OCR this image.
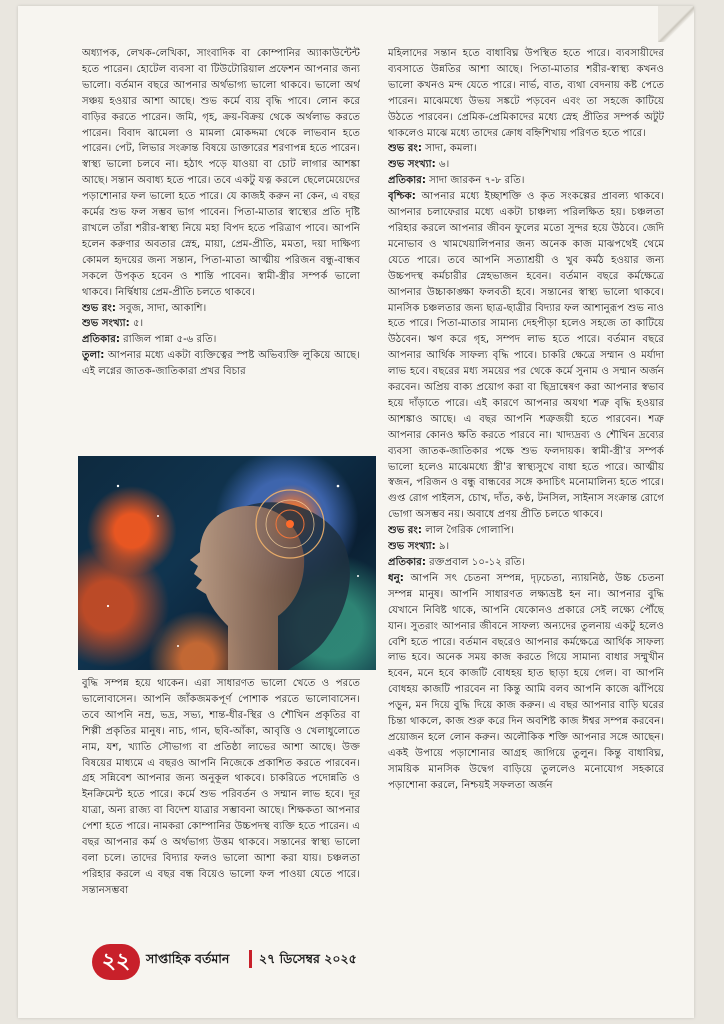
অধ্যাপক, লেখক-লেখিকা, সাংবাদিক বা কোম্পানির অ্যাকাউন্টেন্ট হতে পারেন। হোটেল ব্যবসা বা টিউটোরিয়াল প্রফেশন আপনার জন্য ভালো। বর্তমান বছরে আপনার অর্থভাগ্য ভালো থাকবে। ভালো অর্থ সঞ্চয় হওয়ার আশা আছে। শুভ কর্মে ব্যয় বৃদ্ধি পাবে। লোন করে বাড়ির করতে পারেন। জমি, গৃহ, ক্রয়-বিক্রয় থেকে অর্থলাভ করতে পারেন। বিবাদ ঝামেলা ও মামলা মোকদ্দমা থেকে লাভবান হতে পারেন। পেট, লিভার সংক্রান্ত বিষয়ে ডাক্তারের শরণাপন্ন হতে পারেন। স্বাস্থ্য ভালো চলবে না। হঠাৎ পড়ে যাওয়া বা চোট লাগার আশঙ্কা আছে। সন্তান অবাধ্য হতে পারে। তবে একটু যত্ন করলে ছেলেমেয়েদের পড়াশোনার ফল ভালো হতে পারে। যে কাজই করুন না কেন, এ বছর কর্মের শুভ ফল সম্ভব ভাগ পাবেন। পিতা-মাতার স্বাস্থ্যের প্রতি দৃষ্টি রাখলে তাঁরা শরীর-স্বাস্থ্য নিয়ে মহা বিপদ হতে পরিত্রাণ পাবে। আপনি হলেন করুণার অবতার স্নেহ, মায়া, প্রেম-প্রীতি, মমতা, দয়া দাক্ষিণ্য কোমল হৃদয়ের জন্য সন্তান, পিতা-মাতা আত্মীয় পরিজন বন্ধু-বান্ধব সকলে উপকৃত হবেন ও শান্তি পাবেন। স্বামী-স্ত্রীর সম্পর্ক ভালো থাকবে। নির্দ্বিধায় প্রেম-প্রীতি চলতে থাকবে।

শুভ রং: সবুজ, সাদা, আকাশি।

শুভ সংখ্যা: ৫।

প্রতিকার: রাজিল পান্না ৫-৬ রতি।

তুলা: আপনার মধ্যে একটা ব্যক্তিত্বের স্পষ্ট অভিব্যক্তি লুকিয়ে আছে। এই লগ্নের জাতক-জাতিকারা প্রখর বিচার

বুদ্ধি সম্পন্ন হয়ে থাকেন। এরা সাধারণত ভালো খেতে ও পরতে ভালোবাসেন। আপনি জাঁকজমকপূর্ণ পোশাক পরতে ভালোবাসেন। তবে আপনি নম্র, ভদ্র, সভ্য, শান্ত-ধীর-স্থির ও শৌখিন প্রকৃতির বা শিল্পী প্রকৃতির মানুষ। নাচ, গান, ছবি-আঁকা, আবৃত্তি ও খেলাধুলোতে নাম, যশ, খ্যাতি সৌভাগ্য বা প্রতিষ্ঠা লাভের আশা আছে। উক্ত বিষয়ের মাধ্যমে এ বছরও আপনি নিজেকে প্রকাশিত করতে পারবেন। গ্রহ সন্নিবেশ আপনার জন্য অনুকূল থাকবে। চাকরিতে পদোন্নতি ও ইনক্রিমেন্ট হতে পারে। কর্মে শুভ পরিবর্তন ও সম্মান লাভ হবে। দূর যাত্রা, অন্য রাজ্য বা বিদেশ যাত্রার সম্ভাবনা আছে। শিক্ষকতা আপনার পেশা হতে পারে। নামকরা কোম্পানির উচ্চপদস্থ ব্যক্তি হতে পারেন। এ বছর আপনার কর্ম ও অর্থভাগ্য উত্তম থাকবে। সন্তানের স্বাস্থ্য ভালো বলা চলে। তাদের বিদ্যার ফলও ভালো আশা করা যায়। চঞ্চলতা পরিহার করলে এ বছর বন্ধ বিয়েও ভালো ফল পাওয়া যেতে পারে। সন্তানসম্ভবা

মহিলাদের সন্তান হতে বাধাবিঘ্ন উপস্থিত হতে পারে। ব্যবসায়ীদের ব্যবসাতে উন্নতির আশা আছে। পিতা-মাতার শরীর-স্বাস্থ্য কখনও ভালো কখনও মন্দ যেতে পারে। নার্ভ, বাত, ব্যথা বেদনায় কষ্ট পেতে পারেন। মাঝেমধ্যে উভয় সঙ্কটে পড়বেন এবং তা সহজে কাটিয়ে উঠতে পারবেন। প্রেমিক-প্রেমিকাদের মধ্যে স্নেহ প্রীতির সম্পর্ক অটুট থাকলেও মাঝে মধ্যে তাদের ক্রোধ বহ্নিশিখায় পরিণত হতে পারে।

শুভ রং: সাদা, কমলা।

শুভ সংখ্যা: ৬।

প্রতিকার: সাদা জারকন ৭-৮ রতি।

বৃশ্চিক: আপনার মধ্যে ইচ্ছাশক্তি ও কৃত সংকল্পের প্রাবল্য থাকবে। আপনার চলাফেরার মধ্যে একটা চাঞ্চল্য পরিলক্ষিত হয়। চঞ্চলতা পরিহার করলে আপনার জীবন ফুলের মতো সুন্দর হয়ে উঠবে। জেদি মনোভাব ও খামখেয়ালিপনার জন্য অনেক কাজ মাঝপথেই থেমে যেতে পারে। তবে আপনি সত্যাশ্রয়ী ও খুব কর্মঠ হওয়ার জন্য উচ্চপদস্থ কর্মচারীর স্নেহভাজন হবেন। বর্তমান বছরে কর্মক্ষেত্রে আপনার উচ্চাকাঙ্ক্ষা ফলবতী হবে। সন্তানের স্বাস্থ্য ভালো থাকবে। মানসিক চঞ্চলতার জন্য ছাত্র-ছাত্রীর বিদ্যার ফল আশানুরূপ শুভ নাও হতে পারে। পিতা-মাতার সামান্য দেহপীড়া হলেও সহজে তা কাটিয়ে উঠবেন। ঋণ করে গৃহ, সম্পদ লাভ হতে পারে। বর্তমান বছরে আপনার আর্থিক সাফল্য বৃদ্ধি পাবে। চাকরি ক্ষেত্রে সম্মান ও মর্যাদা লাভ হবে। বছরের মধ্য সময়ের পর থেকে কর্মে সুনাম ও সম্মান অর্জন করবেন। অপ্রিয় বাক্য প্রয়োগ করা বা ছিদ্রান্বেষণ করা আপনার স্বভাব হয়ে দাঁড়াতে পারে। এই কারণে আপনার অযথা শত্রু বৃদ্ধি হওয়ার আশঙ্কাও আছে। এ বছর আপনি শত্রুজয়ী হতে পারবেন। শত্রু আপনার কোনও ক্ষতি করতে পারবে না। খাদ্যদ্রব্য ও শৌখিন দ্রব্যের ব্যবসা জাতক-জাতিকার পক্ষে শুভ ফলদায়ক। স্বামী-স্ত্রী'র সম্পর্ক ভালো হলেও মাঝেমধ্যে স্ত্রী'র স্বাস্থ্যসুখে বাধা হতে পারে। আত্মীয় স্বজন, পরিজন ও বন্ধু বান্ধবের সঙ্গে কদাচিৎ মনোমালিন্য হতে পারে। গুপ্ত রোগ পাইলস, চোখ, দাঁত, কণ্ঠ, টনসিল, সাইনাস সংক্রান্ত রোগে ভোগা অসম্ভব নয়। অবাধে প্রণয় প্রীতি চলতে থাকবে।

শুভ রং: লাল গৈরিক গোলাপি।

শুভ সংখ্যা: ৯।

প্রতিকার: রক্তপ্রবাল ১০-১২ রতি।

ধনু: আপনি সৎ চেতনা সম্পন্ন, দৃঢ়চেতা, ন্যায়নিষ্ঠ, উচ্চ চেতনা সম্পন্ন মানুষ। আপনি সাধারণত লক্ষ্যভ্রষ্ট হন না। আপনার বুদ্ধি যেখানে নিবিষ্ট থাকে, আপনি যেকোনও প্রকারে সেই লক্ষ্যে পৌঁছে যান। সুতরাং আপনার জীবনে সাফল্য অন্যদের তুলনায় একটু হলেও বেশি হতে পারে। বর্তমান বছরেও আপনার কর্মক্ষেত্রে আর্থিক সাফল্য লাভ হবে। অনেক সময় কাজ করতে গিয়ে সামান্য বাধার সম্মুখীন হবেন, মনে হবে কাজটি বোধহয় হাত ছাড়া হয়ে গেল। বা আপনি বোধহয় কাজটি পারবেন না কিন্তু আমি বলব আপনি কাজে ঝাঁপিয়ে পড়ুন, মন দিয়ে বুদ্ধি দিয়ে কাজ করুন। এ বছর আপনার বাড়ি ঘরের চিন্তা থাকলে, কাজ শুরু করে দিন অবশিষ্ট কাজ ঈশ্বর সম্পন্ন করবেন। প্রয়োজন হলে লোন করুন। অলৌকিক শক্তি আপনার সঙ্গে আছেন। একই উপায়ে পড়াশোনার আগ্রহ জাগিয়ে তুলুন। কিন্তু বাধাবিঘ্ন, সাময়িক মানসিক উদ্বেগ বাড়িয়ে তুললেও মনোযোগ সহকারে পড়াশোনা করলে, নিশ্চয়ই সফলতা অর্জন

২২	সাপ্তাহিক বর্তমান ২৭ ডিসেম্বর ২০২৫
